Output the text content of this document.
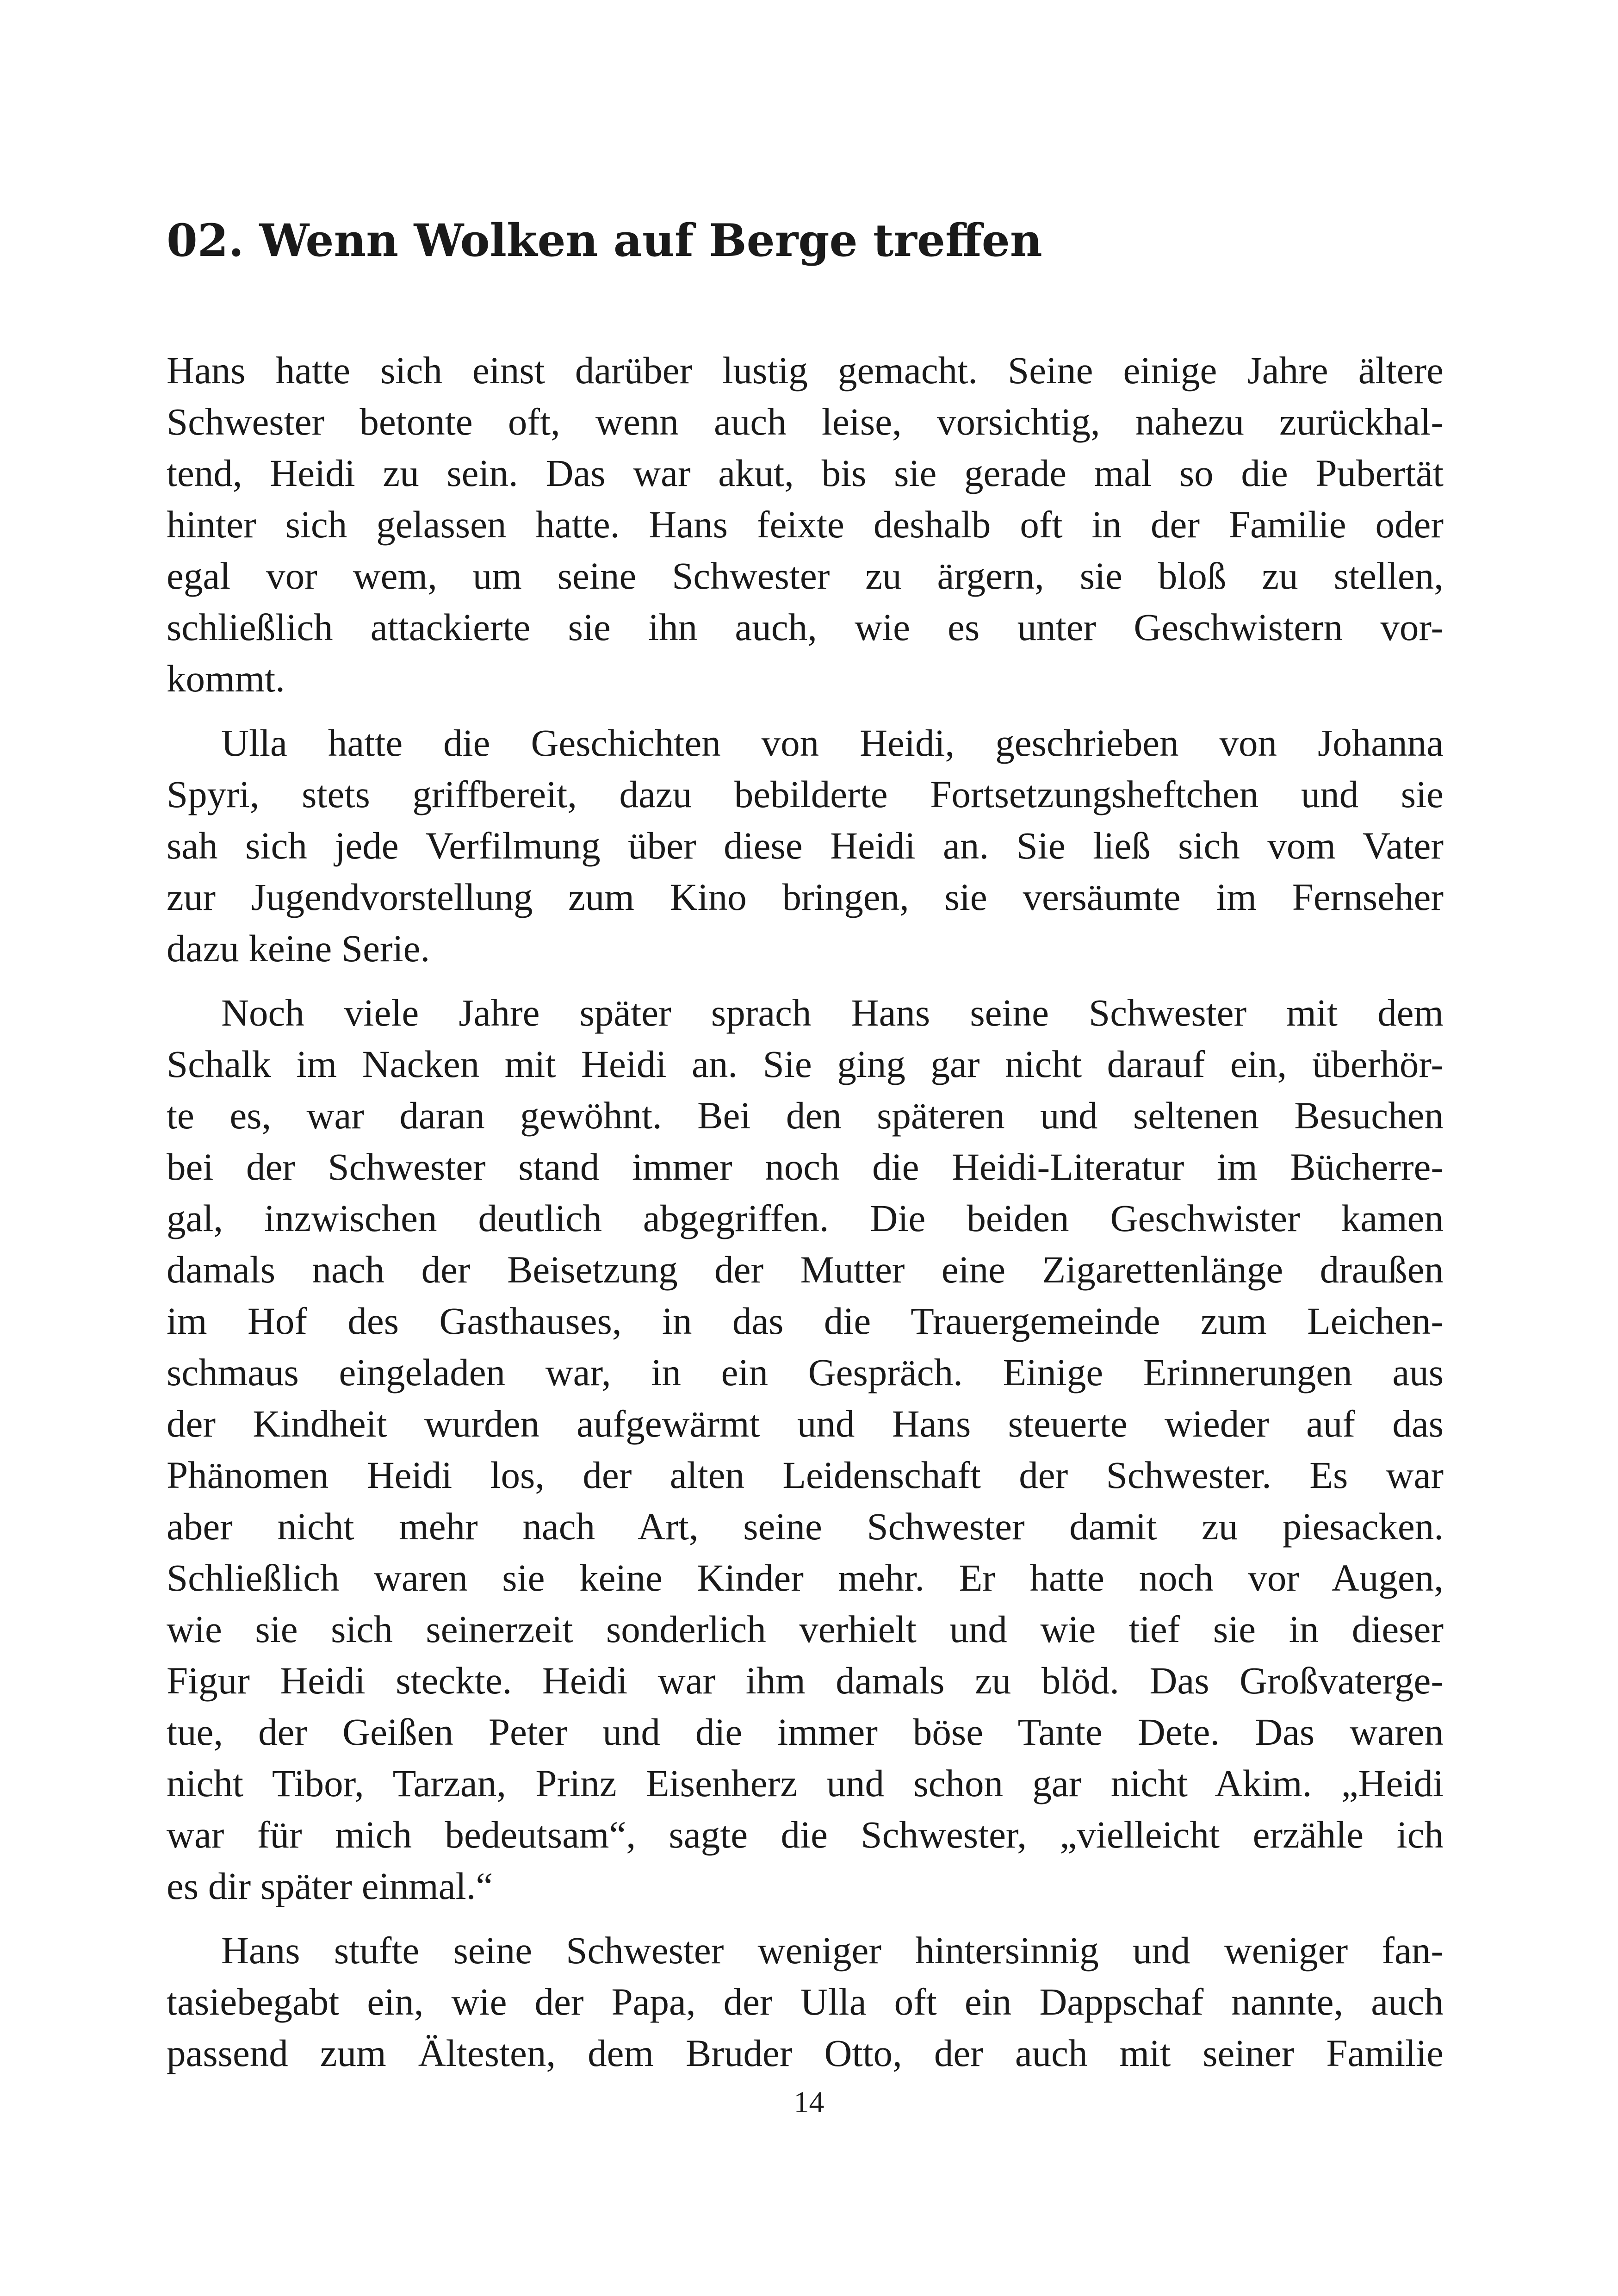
02. Wenn Wolken auf Berge treffen

Hans hatte sich einst darüber lustig gemacht. Seine einige Jahre ältere
Schwester betonte oft, wenn auch leise, vorsichtig, nahezu zurückhal-
tend, Heidi zu sein. Das war akut, bis sie gerade mal so die Pubertät
hinter sich gelassen hatte. Hans feixte deshalb oft in der Familie oder
egal vor wem, um seine Schwester zu ärgern, sie bloß zu stellen,
schließlich attackierte sie ihn auch, wie es unter Geschwistern vor-
kommt.

Ulla hatte die Geschichten von Heidi, geschrieben von Johanna
Spyri, stets griffbereit, dazu bebilderte Fortsetzungsheftchen und sie
sah sich jede Verfilmung über diese Heidi an. Sie ließ sich vom Vater
zur Jugendvorstellung zum Kino bringen, sie versäumte im Fernseher
dazu keine Serie.

Noch viele Jahre später sprach Hans seine Schwester mit dem
Schalk im Nacken mit Heidi an. Sie ging gar nicht darauf ein, überhör-
te es, war daran gewöhnt. Bei den späteren und seltenen Besuchen
bei der Schwester stand immer noch die Heidi-Literatur im Bücherre-
gal, inzwischen deutlich abgegriffen. Die beiden Geschwister kamen
damals nach der Beisetzung der Mutter eine Zigarettenlänge draußen
im Hof des Gasthauses, in das die Trauergemeinde zum Leichen-
schmaus eingeladen war, in ein Gespräch. Einige Erinnerungen aus
der Kindheit wurden aufgewärmt und Hans steuerte wieder auf das
Phänomen Heidi los, der alten Leidenschaft der Schwester. Es war
aber nicht mehr nach Art, seine Schwester damit zu piesacken.
Schließlich waren sie keine Kinder mehr. Er hatte noch vor Augen,
wie sie sich seinerzeit sonderlich verhielt und wie tief sie in dieser
Figur Heidi steckte. Heidi war ihm damals zu blöd. Das Großvaterge-
tue, der Geißen Peter und die immer böse Tante Dete. Das waren
nicht Tibor, Tarzan, Prinz Eisenherz und schon gar nicht Akim. „Heidi
war für mich bedeutsam“, sagte die Schwester, „vielleicht erzähle ich
es dir später einmal.“

Hans stufte seine Schwester weniger hintersinnig und weniger fan-
tasiebegabt ein, wie der Papa, der Ulla oft ein Dappschaf nannte, auch
passend zum Ältesten, dem Bruder Otto, der auch mit seiner Familie

14
